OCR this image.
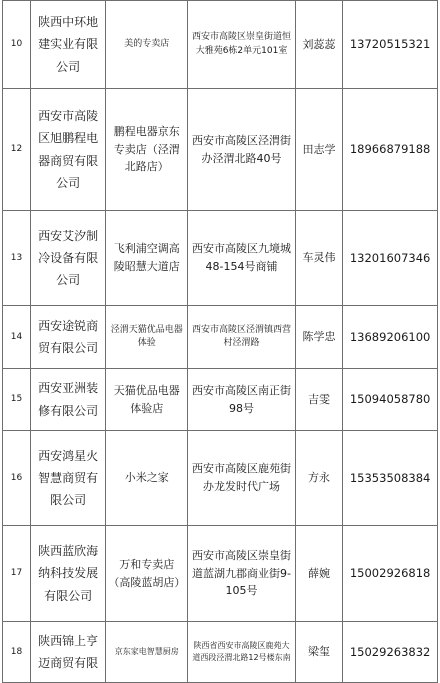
10	陕西中环地建实业有限公司	美的专卖店	西安市高陵区崇皇街道恒大雅苑6栋2单元101室	刘蕊蕊	13720515321
12	西安市高陵区旭鹏程电器商贸有限公司	鹏程电器京东专卖店（泾渭北路店）	西安市高陵区泾渭街办泾渭北路40号	田志学	18966879188
13	西安艾汐制冷设备有限公司	飞利浦空调高陵昭慧大道店	西安市高陵区九境城48-154号商铺	车灵伟	13201607346
14	西安途锐商贸有限公司	泾渭天猫优品电器体验	西安市高陵区泾渭镇西营村泾渭路	陈学忠	13689206100
15	西安亚洲装修有限公司	天猫优品电器体验店	西安市高陵区南正街98号	吉雯	15094058780
16	西安鸿星火智慧商贸有限公司	小米之家	西安市高陵区鹿苑街办龙发时代广场	方永	15353508384
17	陕西蓝欣海纳科技发展有限公司	万和专卖店（高陵蓝胡店）	西安市高陵区崇皇街道蓝湖九郡商业街9-105号	薛婉	15002926818
18	陕西锦上亨迈商贸有限	京东家电智慧厨房	陕西省西安市高陵区鹿苑大道西段泾渭北路12号楼东南	梁玺	15029263832
